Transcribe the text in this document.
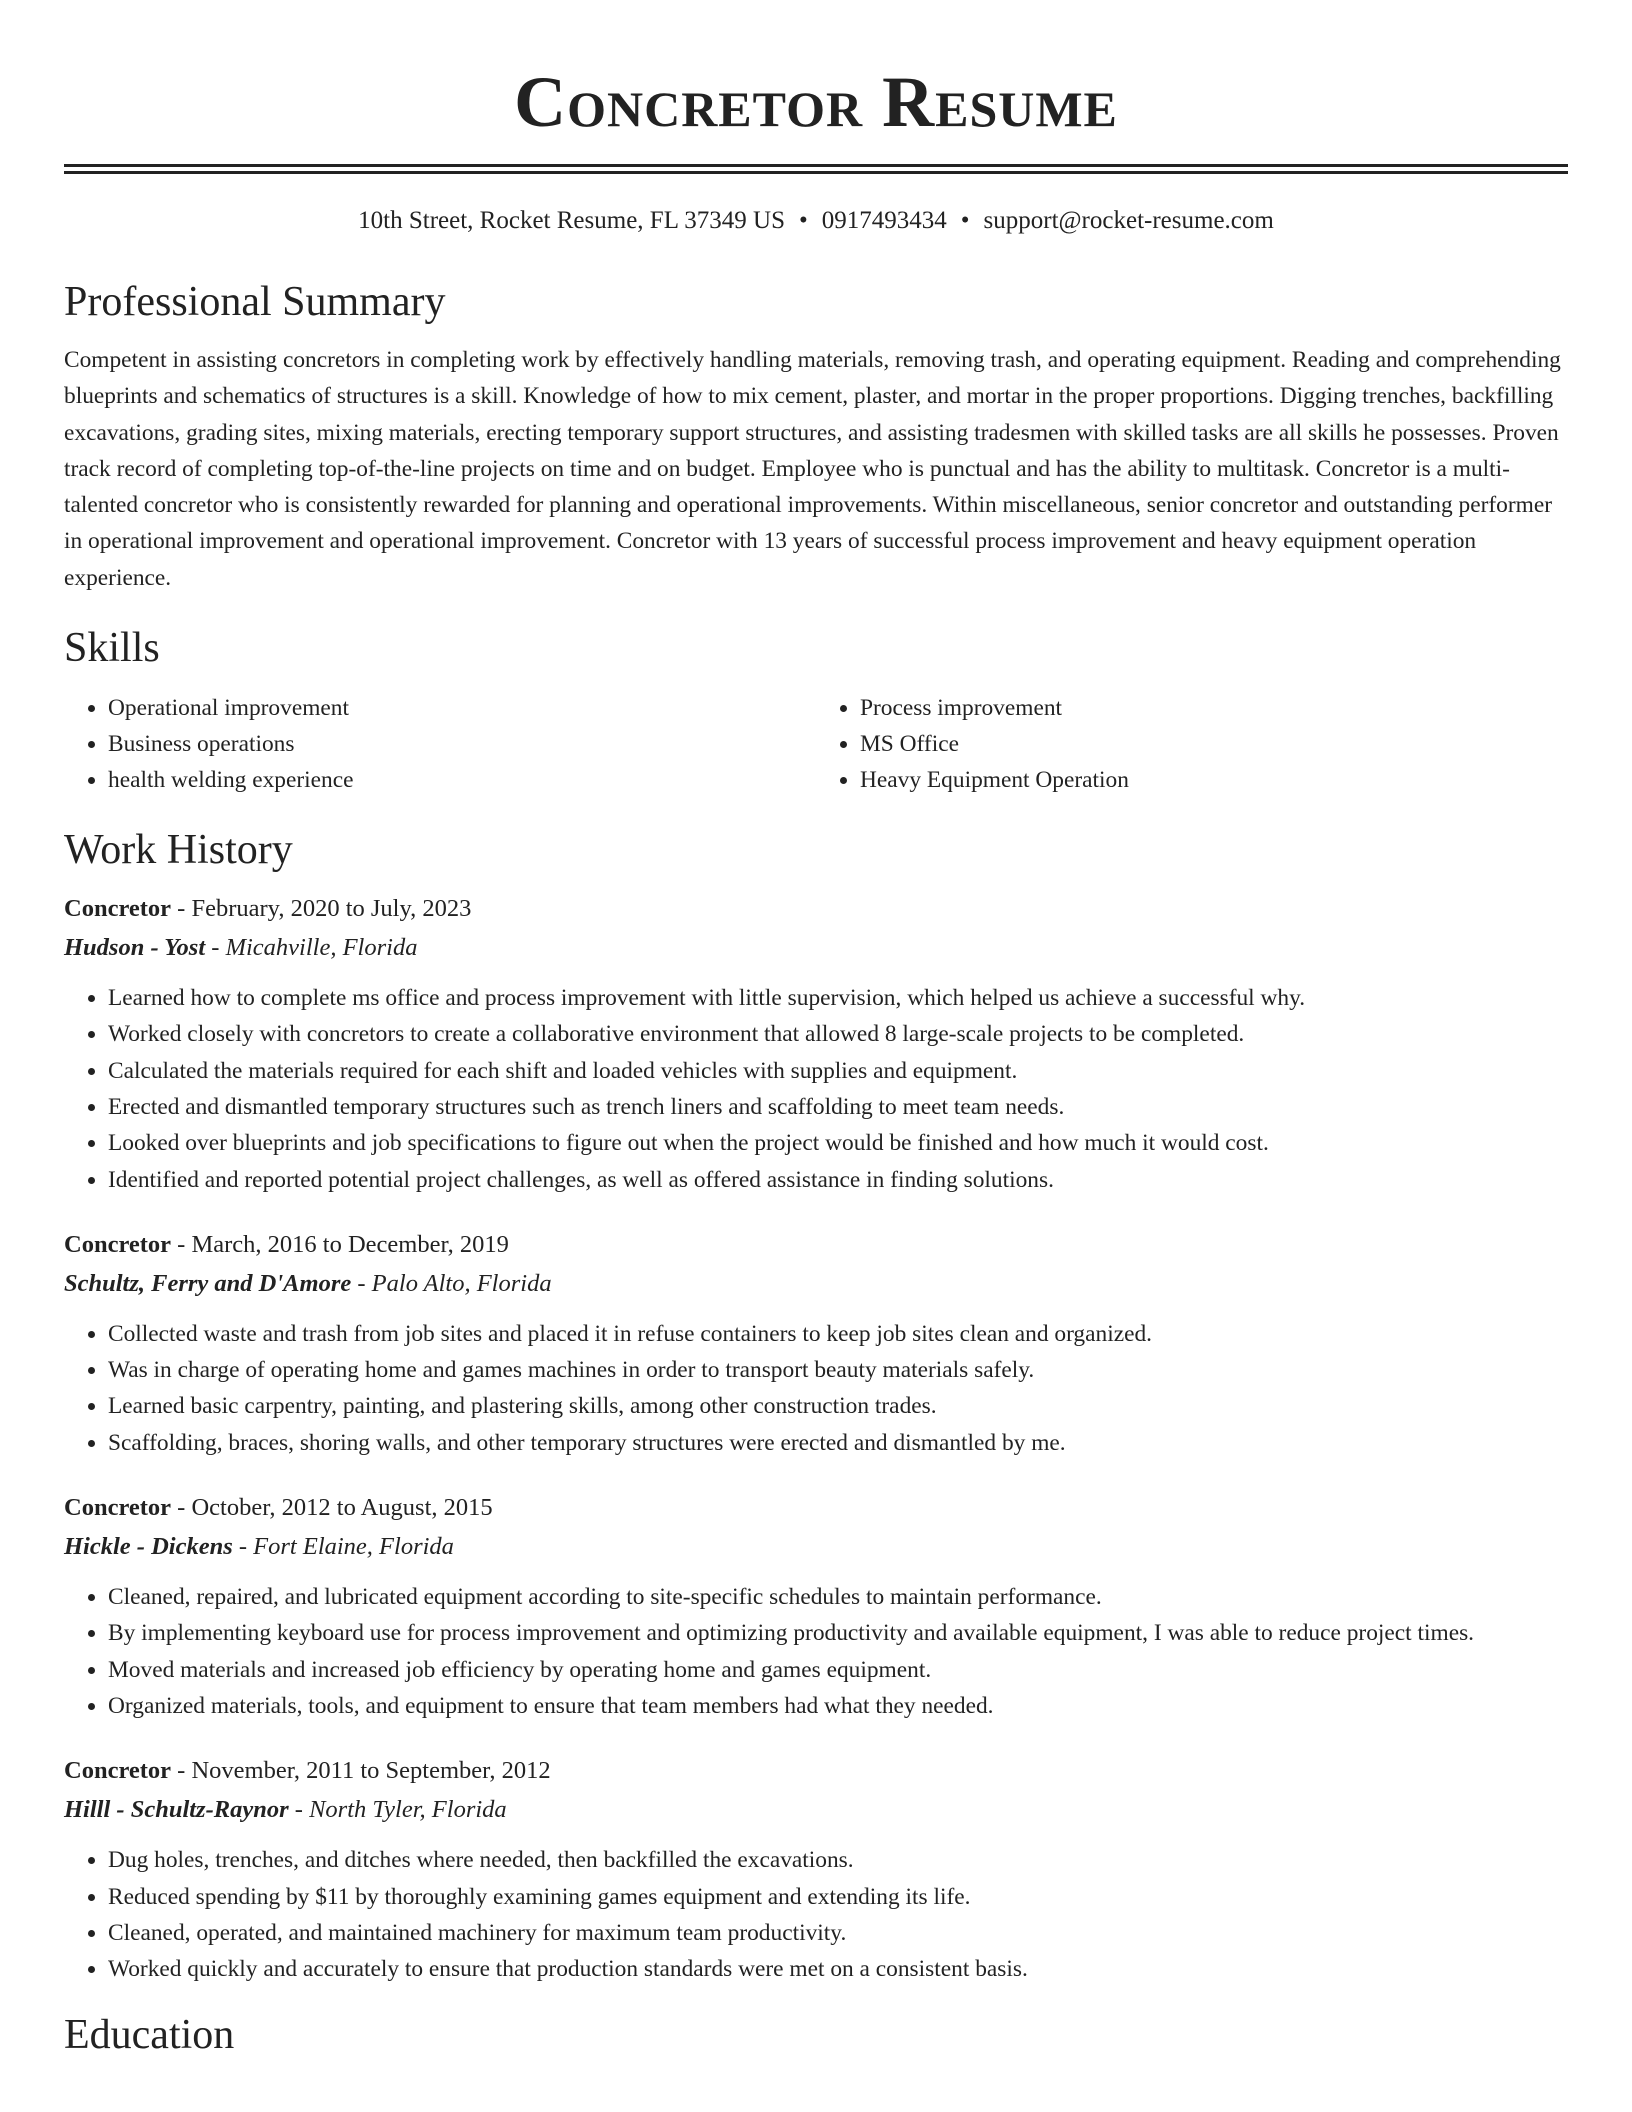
Concretor Resume
10th Street, Rocket Resume, FL 37349 US • 0917493434 • support@rocket-resume.com
Professional Summary

Competent in assisting concretors in completing work by effectively handling materials, removing trash, and operating equipment. Reading and comprehending blueprints and schematics of structures is a skill. Knowledge of how to mix cement, plaster, and mortar in the proper proportions. Digging trenches, backfilling excavations, grading sites, mixing materials, erecting temporary support structures, and assisting tradesmen with skilled tasks are all skills he possesses. Proven track record of completing top-of-the-line projects on time and on budget. Employee who is punctual and has the ability to multitask. Concretor is a multi-talented concretor who is consistently rewarded for planning and operational improvements. Within miscellaneous, senior concretor and outstanding performer in operational improvement and operational improvement. Concretor with 13 years of successful process improvement and heavy equipment operation experience.

Skills
• Operational improvement
• Business operations
• health welding experience
• Process improvement
• MS Office
• Heavy Equipment Operation
Work History
Concretor - February, 2020 to July, 2023
Hudson - Yost - Micahville, Florida
• Learned how to complete ms office and process improvement with little supervision, which helped us achieve a successful why.
• Worked closely with concretors to create a collaborative environment that allowed 8 large-scale projects to be completed.
• Calculated the materials required for each shift and loaded vehicles with supplies and equipment.
• Erected and dismantled temporary structures such as trench liners and scaffolding to meet team needs.
• Looked over blueprints and job specifications to figure out when the project would be finished and how much it would cost.
• Identified and reported potential project challenges, as well as offered assistance in finding solutions.
Concretor - March, 2016 to December, 2019
Schultz, Ferry and D'Amore - Palo Alto, Florida
• Collected waste and trash from job sites and placed it in refuse containers to keep job sites clean and organized.
• Was in charge of operating home and games machines in order to transport beauty materials safely.
• Learned basic carpentry, painting, and plastering skills, among other construction trades.
• Scaffolding, braces, shoring walls, and other temporary structures were erected and dismantled by me.
Concretor - October, 2012 to August, 2015
Hickle - Dickens - Fort Elaine, Florida
• Cleaned, repaired, and lubricated equipment according to site-specific schedules to maintain performance.
• By implementing keyboard use for process improvement and optimizing productivity and available equipment, I was able to reduce project times.
• Moved materials and increased job efficiency by operating home and games equipment.
• Organized materials, tools, and equipment to ensure that team members had what they needed.
Concretor - November, 2011 to September, 2012
Hilll - Schultz-Raynor - North Tyler, Florida
• Dug holes, trenches, and ditches where needed, then backfilled the excavations.
• Reduced spending by $11 by thoroughly examining games equipment and extending its life.
• Cleaned, operated, and maintained machinery for maximum team productivity.
• Worked quickly and accurately to ensure that production standards were met on a consistent basis.
Education
